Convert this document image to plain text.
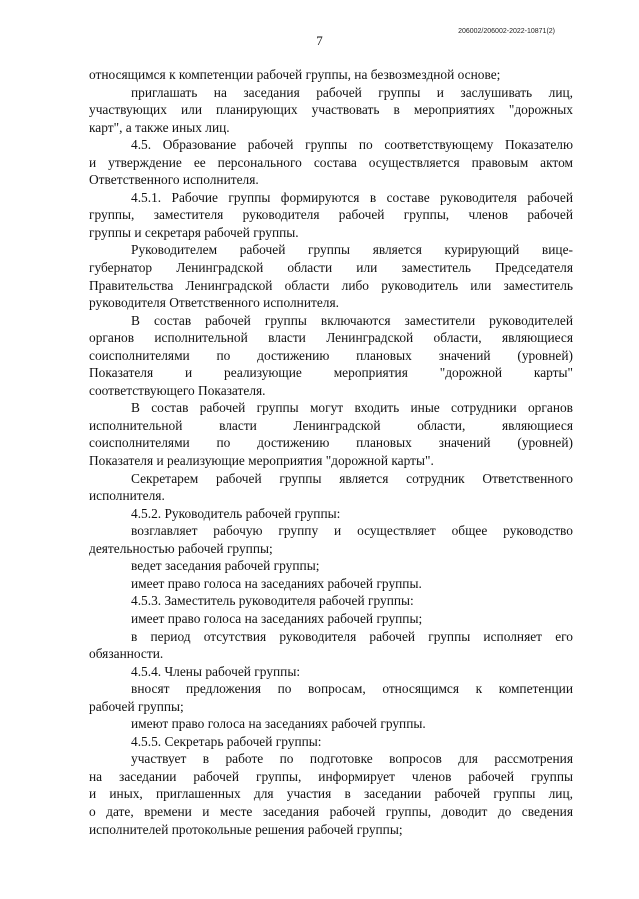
206002/206002-2022-10871(2)
7
относящимся к компетенции рабочей группы, на безвозмездной основе;
приглашать на заседания рабочей группы и заслушивать лиц,
участвующих или планирующих участвовать в мероприятиях "дорожных
карт", а также иных лиц.
4.5. Образование рабочей группы по соответствующему Показателю
и утверждение ее персонального состава осуществляется правовым актом
Ответственного исполнителя.
4.5.1. Рабочие группы формируются в составе руководителя рабочей
группы, заместителя руководителя рабочей группы, членов рабочей
группы и секретаря рабочей группы.
Руководителем рабочей группы является курирующий вице-
губернатор Ленинградской области или заместитель Председателя
Правительства Ленинградской области либо руководитель или заместитель
руководителя Ответственного исполнителя.
В состав рабочей группы включаются заместители руководителей
органов исполнительной власти Ленинградской области, являющиеся
соисполнителями по достижению плановых значений (уровней)
Показателя и реализующие мероприятия "дорожной карты"
соответствующего Показателя.
В состав рабочей группы могут входить иные сотрудники органов
исполнительной власти Ленинградской области, являющиеся
соисполнителями по достижению плановых значений (уровней)
Показателя и реализующие мероприятия "дорожной карты".
Секретарем рабочей группы является сотрудник Ответственного
исполнителя.
4.5.2. Руководитель рабочей группы:
возглавляет рабочую группу и осуществляет общее руководство
деятельностью рабочей группы;
ведет заседания рабочей группы;
имеет право голоса на заседаниях рабочей группы.
4.5.3. Заместитель руководителя рабочей группы:
имеет право голоса на заседаниях рабочей группы;
в период отсутствия руководителя рабочей группы исполняет его
обязанности.
4.5.4. Члены рабочей группы:
вносят предложения по вопросам, относящимся к компетенции
рабочей группы;
имеют право голоса на заседаниях рабочей группы.
4.5.5. Секретарь рабочей группы:
участвует в работе по подготовке вопросов для рассмотрения
на заседании рабочей группы, информирует членов рабочей группы
и иных, приглашенных для участия в заседании рабочей группы лиц,
о дате, времени и месте заседания рабочей группы, доводит до сведения
исполнителей протокольные решения рабочей группы;
